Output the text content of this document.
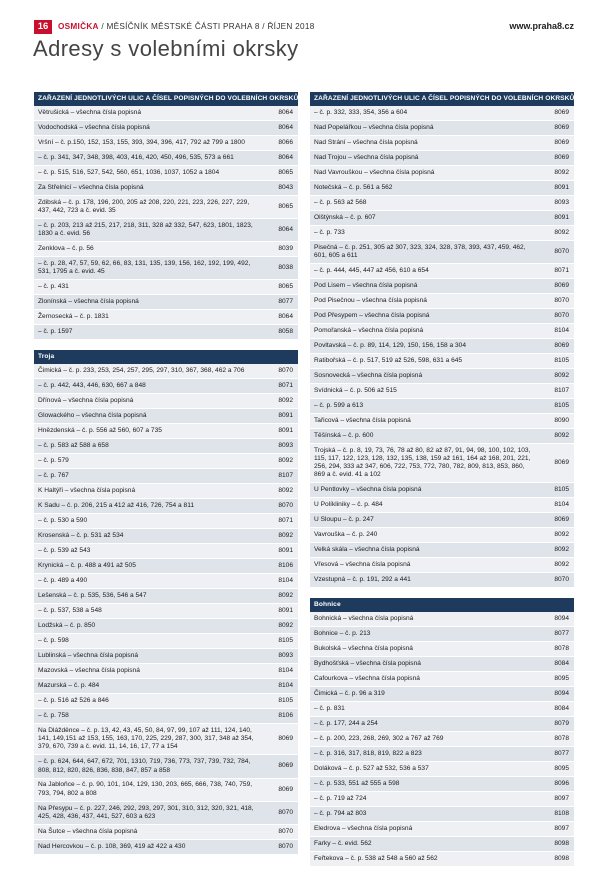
16	OSMIČKA / MĚSÍČNÍK MĚSTSKÉ ČÁSTI PRAHA 8 / ŘÍJEN 2018	www.praha8.cz
Adresy s volebními okrsky
ZAŘAZENÍ JEDNOTLIVÝCH ULIC A ČÍSEL POPISNÝCH DO VOLEBNÍCH OKRSKŮ
Větrušická – všechna čísla popisná	8064
Vodochodská – všechna čísla popisná	8064
Vršní – č. p.150, 152, 153, 155, 393, 394, 396, 417, 792 až 799 a 1800	8066
– č. p. 341, 347, 348, 398, 403, 416, 420, 450, 496, 535, 573 a 661	8064
– č. p. 515, 516, 527, 542, 560, 651, 1036, 1037, 1052 a 1804	8065
Za Střelnicí – všechna čísla popisná	8043
Zdibská – č. p. 178, 196, 200, 205 až 208, 220, 221, 223, 226, 227, 229, 437, 442, 723 a č. evid. 35	8065
– č. p. 203, 213 až 215, 217, 218, 311, 328 až 332, 547, 623, 1801, 1823, 1830 a č. evid. 56	8064
Zenklova – č. p. 56	8039
– č. p. 28, 47, 57, 59, 62, 66, 83, 131, 135, 139, 156, 162, 192, 199, 492, 531, 1795 a č. evid. 45	8038
– č. p. 431	8065
Zlonínská – všechna čísla popisná	8077
Žernosecká – č. p. 1831	8064
– č. p. 1597	8058
Troja
Čimická – č. p. 233, 253, 254, 257, 295, 297, 310, 367, 368, 462 a 706	8070
– č. p. 442, 443, 446, 630, 667 a 848	8071
Dřínová – všechna čísla popisná	8092
Glowackého – všechna čísla popisná	8091
Hnězdenská – č. p. 556 až 560, 607 a 735	8091
– č. p. 583 až 588 a 658	8093
– č. p. 579	8092
– č. p. 767	8107
K Haltýři – všechna čísla popisná	8092
K Sadu – č. p. 206, 215 a 412 až 416, 726, 754 a 811	8070
– č. p. 530 a 590	8071
Krosenská – č. p. 531 až 534	8092
– č. p. 539 až 543	8091
Krynická – č. p. 488 a 491 až 505	8106
– č. p. 489 a 490	8104
Lešenská – č. p. 535, 536, 546 a 547	8092
– č. p. 537, 538 a 548	8091
Lodžská – č. p. 850	8092
– č. p. 598	8105
Lublinská – všechna čísla popisná	8093
Mazovská – všechna čísla popisná	8104
Mazurská – č. p. 484	8104
– č. p. 516 až 526 a 846	8105
– č. p. 758	8106
Na Dlážděnce – č. p. 13, 42, 43, 45, 50, 84, 97, 99, 107 až 111, 124, 140, 141, 149,151 až 153, 155, 163, 170, 225, 229, 287, 300, 317, 348 až 354, 379, 670, 739 a č. evid. 11, 14, 16, 17, 77 a 154	8069
– č. p. 624, 644, 647, 672, 701, 1310, 719, 736, 773, 737, 739, 732, 784, 808, 812, 820, 826, 836, 838, 847, 857 a 858	8069
Na Jabloňce – č. p. 90, 101, 104, 129, 130, 203, 665, 666, 738, 740, 759, 793, 794, 802 a 808	8069
Na Přesypu – č. p. 227, 246, 292, 293, 297, 301, 310, 312, 320, 321, 418, 425, 428, 436, 437, 441, 527, 603 a 623	8070
Na Šutce – všechna čísla popisná	8070
Nad Hercovkou – č. p. 108, 369, 419 až 422 a 430	8070
ZAŘAZENÍ JEDNOTLIVÝCH ULIC A ČÍSEL POPISNÝCH DO VOLEBNÍCH OKRSKŮ
– č. p. 332, 333, 354, 356 a 604	8069
Nad Popelářkou – všechna čísla popisná	8069
Nad Strání – všechna čísla popisná	8069
Nad Trojou – všechna čísla popisná	8069
Nad Vavrouškou – všechna čísla popisná	8092
Notečská – č. p. 561 a 562	8091
– č. p. 563 až 568	8093
Olštýnská – č. p. 607	8091
– č. p. 733	8092
Pisečná – č. p. 251, 305 až 307, 323, 324, 328, 378, 393, 437, 459, 462, 601, 605 a 611	8070
– č. p. 444, 445, 447 až 456, 610 a 654	8071
Pod Lisem – všechna čísla popisná	8069
Pod Pisečnou – všechna čísla popisná	8070
Pod Přesypem – všechna čísla popisná	8070
Pomořanská – všechna čísla popisná	8104
Povltavská – č. p. 89, 114, 129, 150, 156, 158 a 304	8069
Ratibořská – č. p. 517, 519 až 526, 598, 631 a 645	8105
Sosnovecká – všechna čísla popisná	8092
Svídnická – č. p. 506 až 515	8107
– č. p. 599 a 613	8105
Tařicová – všechna čísla popisná	8090
Těšínská – č. p. 600	8092
Trojská – č. p. 8, 19, 73, 76, 78 až 80, 82 až 87, 91, 94, 98, 100, 102, 103, 115, 117, 122, 123, 128, 132, 135, 138, 159 až 161, 164 až 168, 201, 221, 256, 294, 333 až 347, 606, 722, 753, 772, 780, 782, 809, 813, 853, 860, 869 a č. evid. 41 a 102	8069
U Pentlovky – všechna čísla popisná	8105
U Políkliniky – č. p. 484	8104
U Sloupu – č. p. 247	8069
Vavrouška – č. p. 240	8092
Velká skála – všechna čísla popisná	8092
Vřesová – všechna čísla popisná	8092
Vzestupná – č. p. 191, 292 a 441	8070
Bohnice
Bohnická – všechna čísla popisná	8094
Bohnice – č. p. 213	8077
Bukolská – všechna čísla popisná	8078
Bydhošťská – všechna čísla popisná	8084
Cafourkova – všechna čísla popisná	8095
Čimická – č. p. 96 a 319	8094
– č. p. 831	8084
– č. p. 177, 244 a 254	8079
– č. p. 200, 223, 268, 269, 302 a 767 až 769	8078
– č. p. 316, 317, 818, 819, 822 a 823	8077
Doláková – č. p. 527 až 532, 536 a 537	8095
– č. p. 533, 551 až 555 a 598	8096
– č. p. 719 až 724	8097
– č. p. 794 až 803	8108
Eledrova – všechna čísla popisná	8097
Farky – č. evid. 562	8098
Feřtekova – č. p. 538 až 548 a 560 až 562	8098
